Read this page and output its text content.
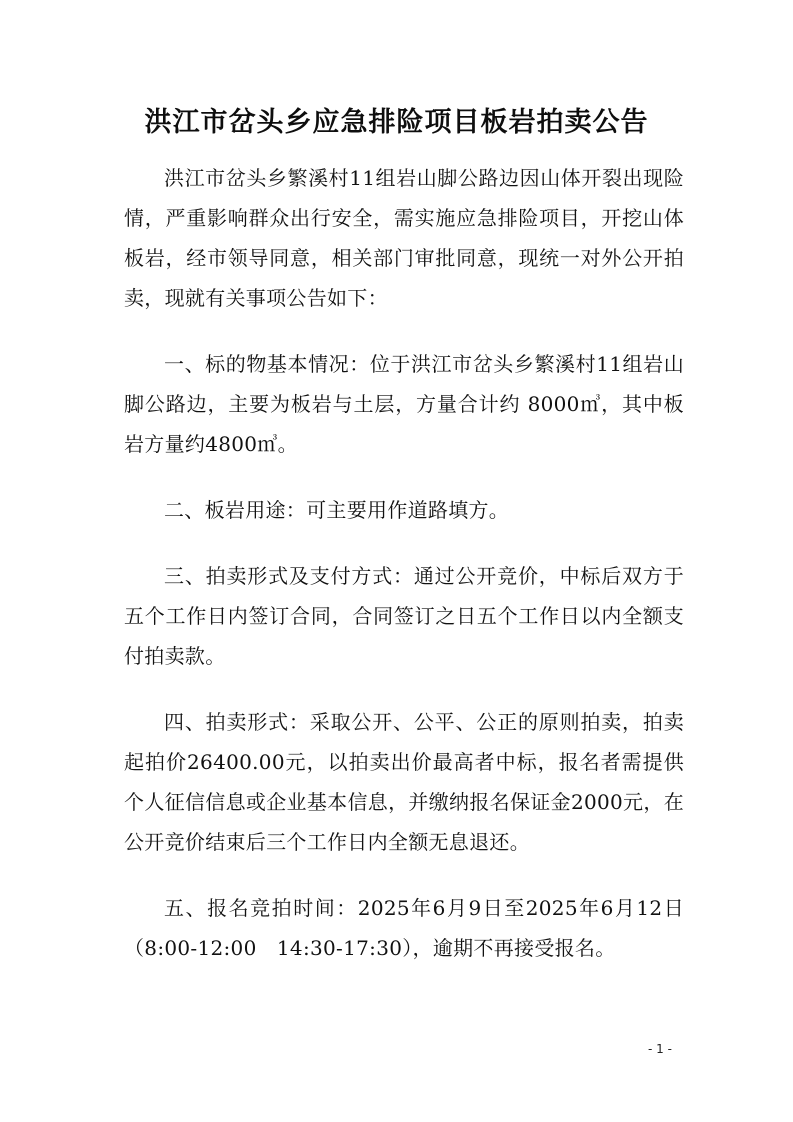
洪江市岔头乡应急排险项目板岩拍卖公告

洪江市岔头乡繁溪村11组岩山脚公路边因山体开裂出现险情，严重影响群众出行安全，需实施应急排险项目，开挖山体板岩，经市领导同意，相关部门审批同意，现统一对外公开拍卖，现就有关事项公告如下：

一、标的物基本情况：位于洪江市岔头乡繁溪村11组岩山脚公路边，主要为板岩与土层，方量合计约 8000㎥，其中板岩方量约4800㎥。

二、板岩用途：可主要用作道路填方。

三、拍卖形式及支付方式：通过公开竞价，中标后双方于五个工作日内签订合同，合同签订之日五个工作日以内全额支付拍卖款。

四、拍卖形式：采取公开、公平、公正的原则拍卖，拍卖起拍价26400.00元，以拍卖出价最高者中标，报名者需提供个人征信信息或企业基本信息，并缴纳报名保证金2000元，在公开竞价结束后三个工作日内全额无息退还。

五、报名竞拍时间：2025年6月9日至2025年6月12日（8:00-12:00　14:30-17:30），逾期不再接受报名。

- 1 -
